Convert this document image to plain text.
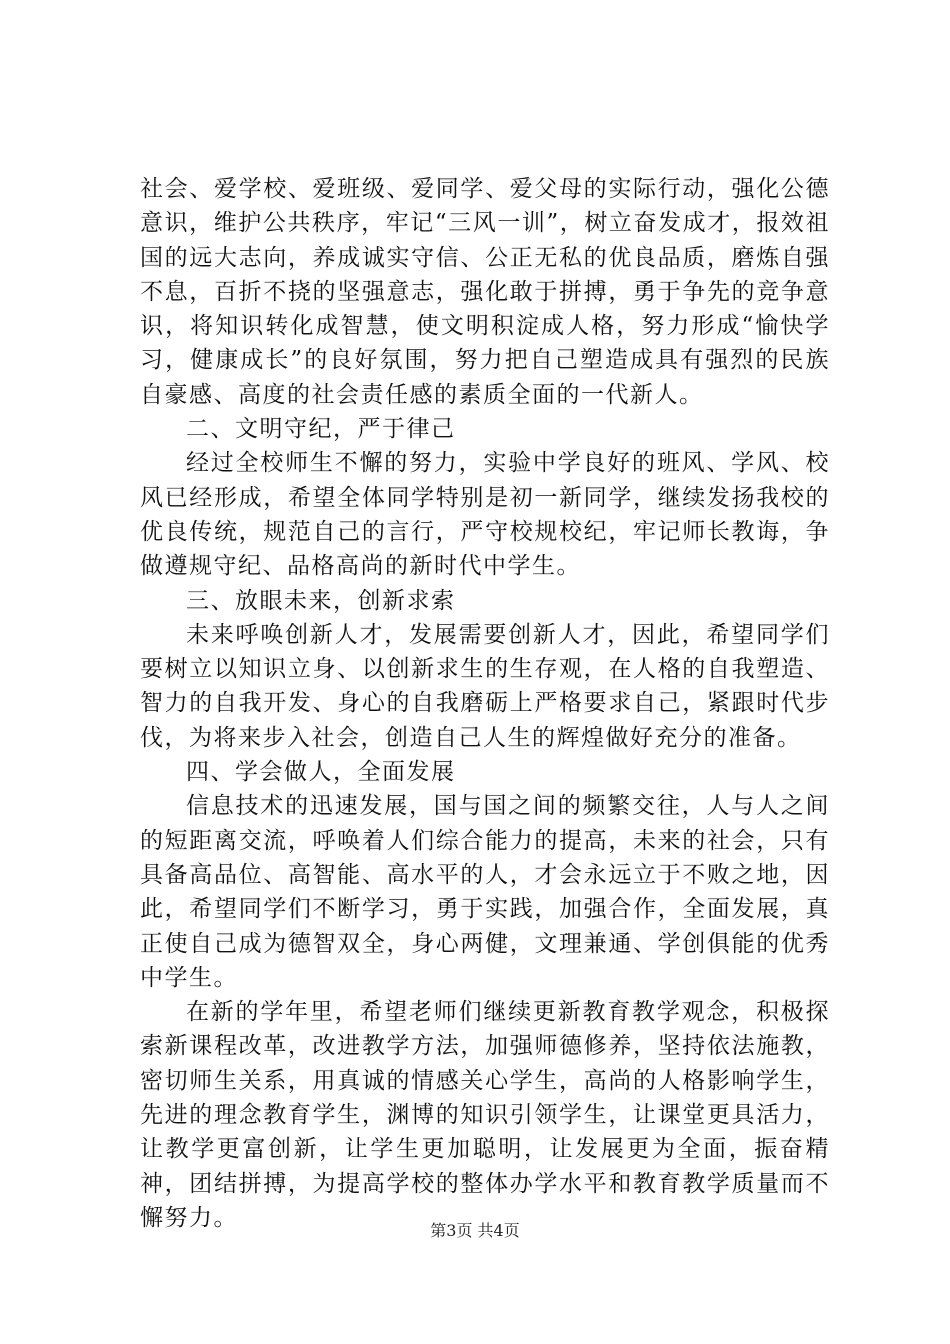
社会、爱学校、爱班级、爱同学、爱父母的实际行动，强化公德意识，维护公共秩序，牢记“三风一训”，树立奋发成才，报效祖国的远大志向，养成诚实守信、公正无私的优良品质，磨炼自强不息，百折不挠的坚强意志，强化敢于拼搏，勇于争先的竞争意识，将知识转化成智慧，使文明积淀成人格，努力形成“愉快学习，健康成长”的良好氛围，努力把自己塑造成具有强烈的民族自豪感、高度的社会责任感的素质全面的一代新人。

二、文明守纪，严于律己

经过全校师生不懈的努力，实验中学良好的班风、学风、校风已经形成，希望全体同学特别是初一新同学，继续发扬我校的优良传统，规范自己的言行，严守校规校纪，牢记师长教诲，争做遵规守纪、品格高尚的新时代中学生。

三、放眼未来，创新求索

未来呼唤创新人才，发展需要创新人才，因此，希望同学们要树立以知识立身、以创新求生的生存观，在人格的自我塑造、智力的自我开发、身心的自我磨砺上严格要求自己，紧跟时代步伐，为将来步入社会，创造自己人生的辉煌做好充分的准备。

四、学会做人，全面发展

信息技术的迅速发展，国与国之间的频繁交往，人与人之间的短距离交流，呼唤着人们综合能力的提高，未来的社会，只有具备高品位、高智能、高水平的人，才会永远立于不败之地，因此，希望同学们不断学习，勇于实践，加强合作，全面发展，真正使自己成为德智双全，身心两健，文理兼通、学创俱能的优秀中学生。

在新的学年里，希望老师们继续更新教育教学观念，积极探索新课程改革，改进教学方法，加强师德修养，坚持依法施教，密切师生关系，用真诚的情感关心学生，高尚的人格影响学生，先进的理念教育学生，渊博的知识引领学生，让课堂更具活力，让教学更富创新，让学生更加聪明，让发展更为全面，振奋精神，团结拼搏，为提高学校的整体办学水平和教育教学质量而不懈努力。	第3页 共4页
